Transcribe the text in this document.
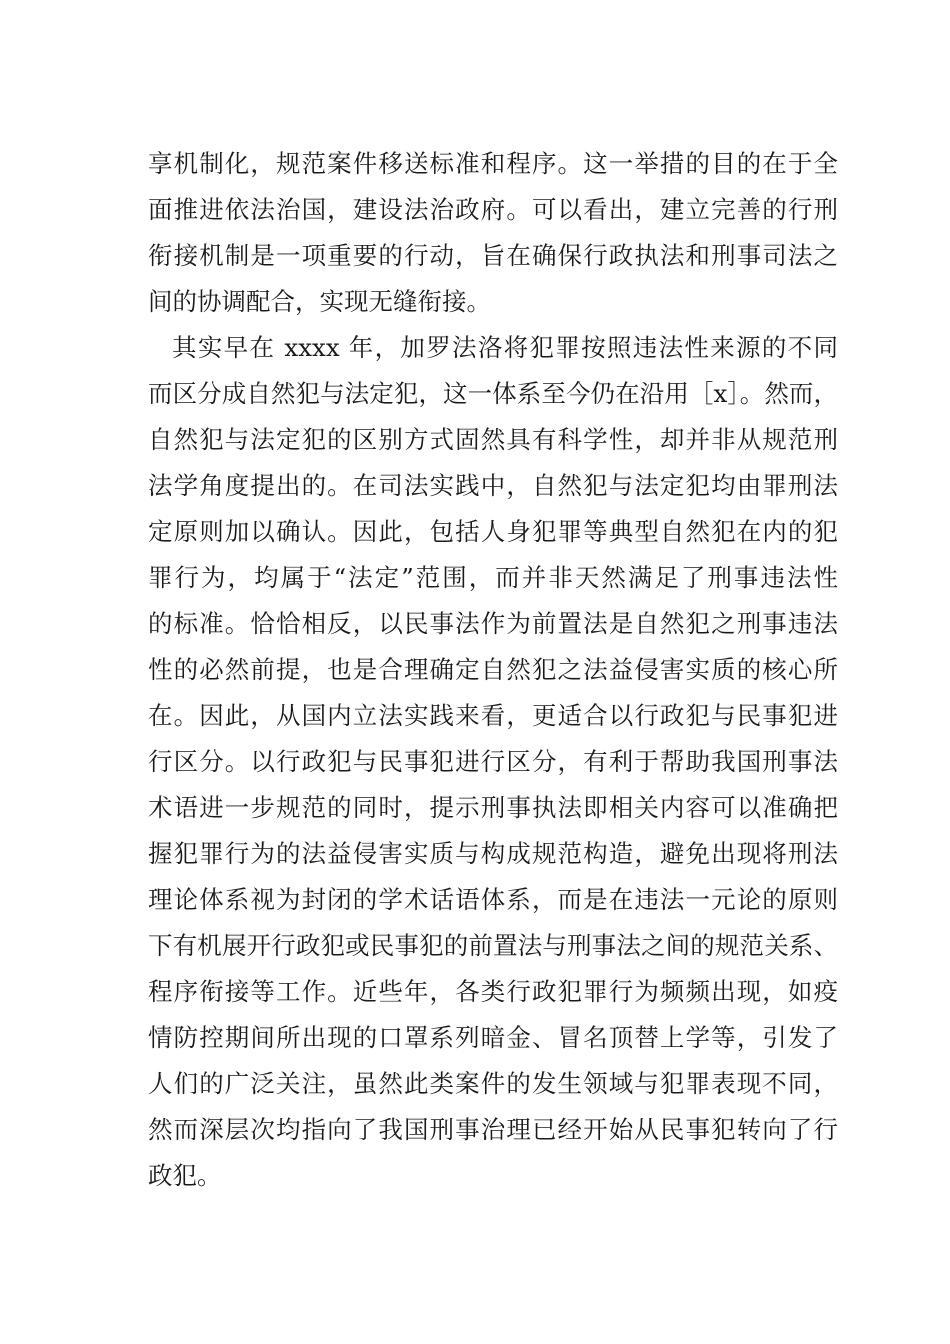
享机制化，规范案件移送标准和程序。这一举措的目的在于全
面推进依法治国，建设法治政府。可以看出，建立完善的行刑
衔接机制是一项重要的行动，旨在确保行政执法和刑事司法之
间的协调配合，实现无缝衔接。
其实早在 xxxx 年，加罗法洛将犯罪按照违法性来源的不同
而区分成自然犯与法定犯，这一体系至今仍在沿用［x］。然而，
自然犯与法定犯的区别方式固然具有科学性，却并非从规范刑
法学角度提出的。在司法实践中，自然犯与法定犯均由罪刑法
定原则加以确认。因此，包括人身犯罪等典型自然犯在内的犯
罪行为，均属于“法定”范围，而并非天然满足了刑事违法性
的标准。恰恰相反，以民事法作为前置法是自然犯之刑事违法
性的必然前提，也是合理确定自然犯之法益侵害实质的核心所
在。因此，从国内立法实践来看，更适合以行政犯与民事犯进
行区分。以行政犯与民事犯进行区分，有利于帮助我国刑事法
术语进一步规范的同时，提示刑事执法即相关内容可以准确把
握犯罪行为的法益侵害实质与构成规范构造，避免出现将刑法
理论体系视为封闭的学术话语体系，而是在违法一元论的原则
下有机展开行政犯或民事犯的前置法与刑事法之间的规范关系、
程序衔接等工作。近些年，各类行政犯罪行为频频出现，如疫
情防控期间所出现的口罩系列暗金、冒名顶替上学等，引发了
人们的广泛关注，虽然此类案件的发生领域与犯罪表现不同，
然而深层次均指向了我国刑事治理已经开始从民事犯转向了行
政犯。
